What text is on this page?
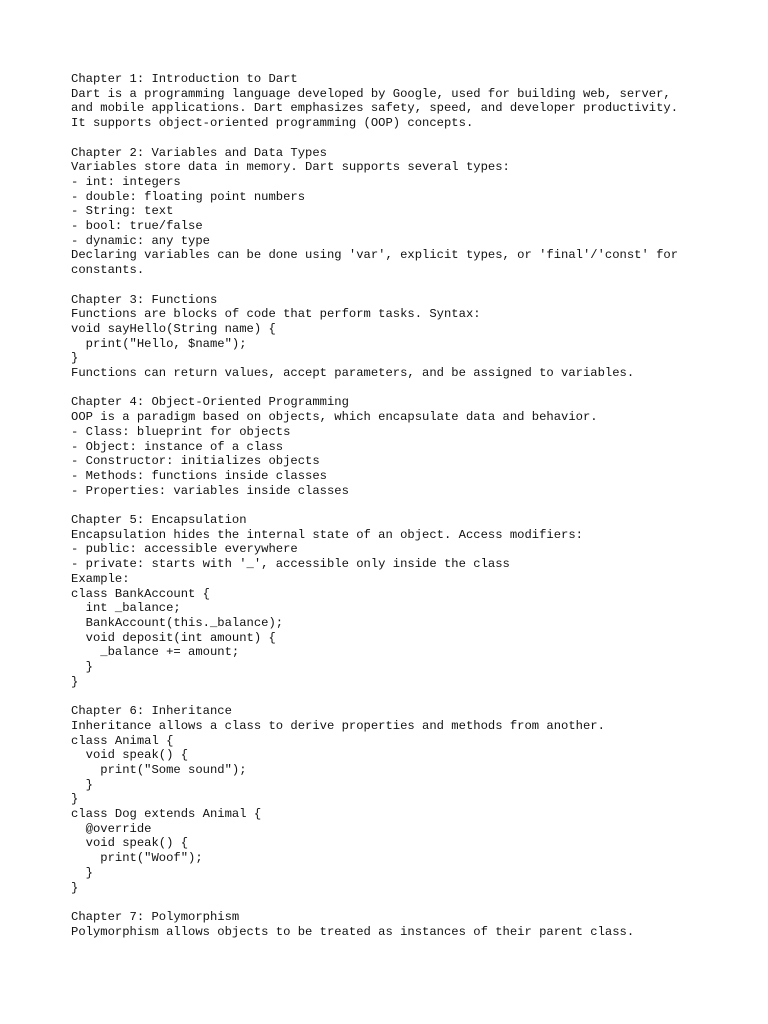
Chapter 1: Introduction to Dart
Dart is a programming language developed by Google, used for building web, server,
and mobile applications. Dart emphasizes safety, speed, and developer productivity.
It supports object-oriented programming (OOP) concepts.
Chapter 2: Variables and Data Types
Variables store data in memory. Dart supports several types:
- int: integers
- double: floating point numbers
- String: text
- bool: true/false
- dynamic: any type
Declaring variables can be done using 'var', explicit types, or 'final'/'const' for
constants.
Chapter 3: Functions
Functions are blocks of code that perform tasks. Syntax:
void sayHello(String name) {
print("Hello, $name");
}
Functions can return values, accept parameters, and be assigned to variables.
Chapter 4: Object-Oriented Programming
OOP is a paradigm based on objects, which encapsulate data and behavior.
- Class: blueprint for objects
- Object: instance of a class
- Constructor: initializes objects
- Methods: functions inside classes
- Properties: variables inside classes
Chapter 5: Encapsulation
Encapsulation hides the internal state of an object. Access modifiers:
- public: accessible everywhere
- private: starts with '_', accessible only inside the class
Example:
class BankAccount {
int _balance;
BankAccount(this._balance);
void deposit(int amount) {
_balance += amount;
}
}
Chapter 6: Inheritance
Inheritance allows a class to derive properties and methods from another.
class Animal {
void speak() {
print("Some sound");
}
}
class Dog extends Animal {
@override
void speak() {
print("Woof");
}
}
Chapter 7: Polymorphism
Polymorphism allows objects to be treated as instances of their parent class.
